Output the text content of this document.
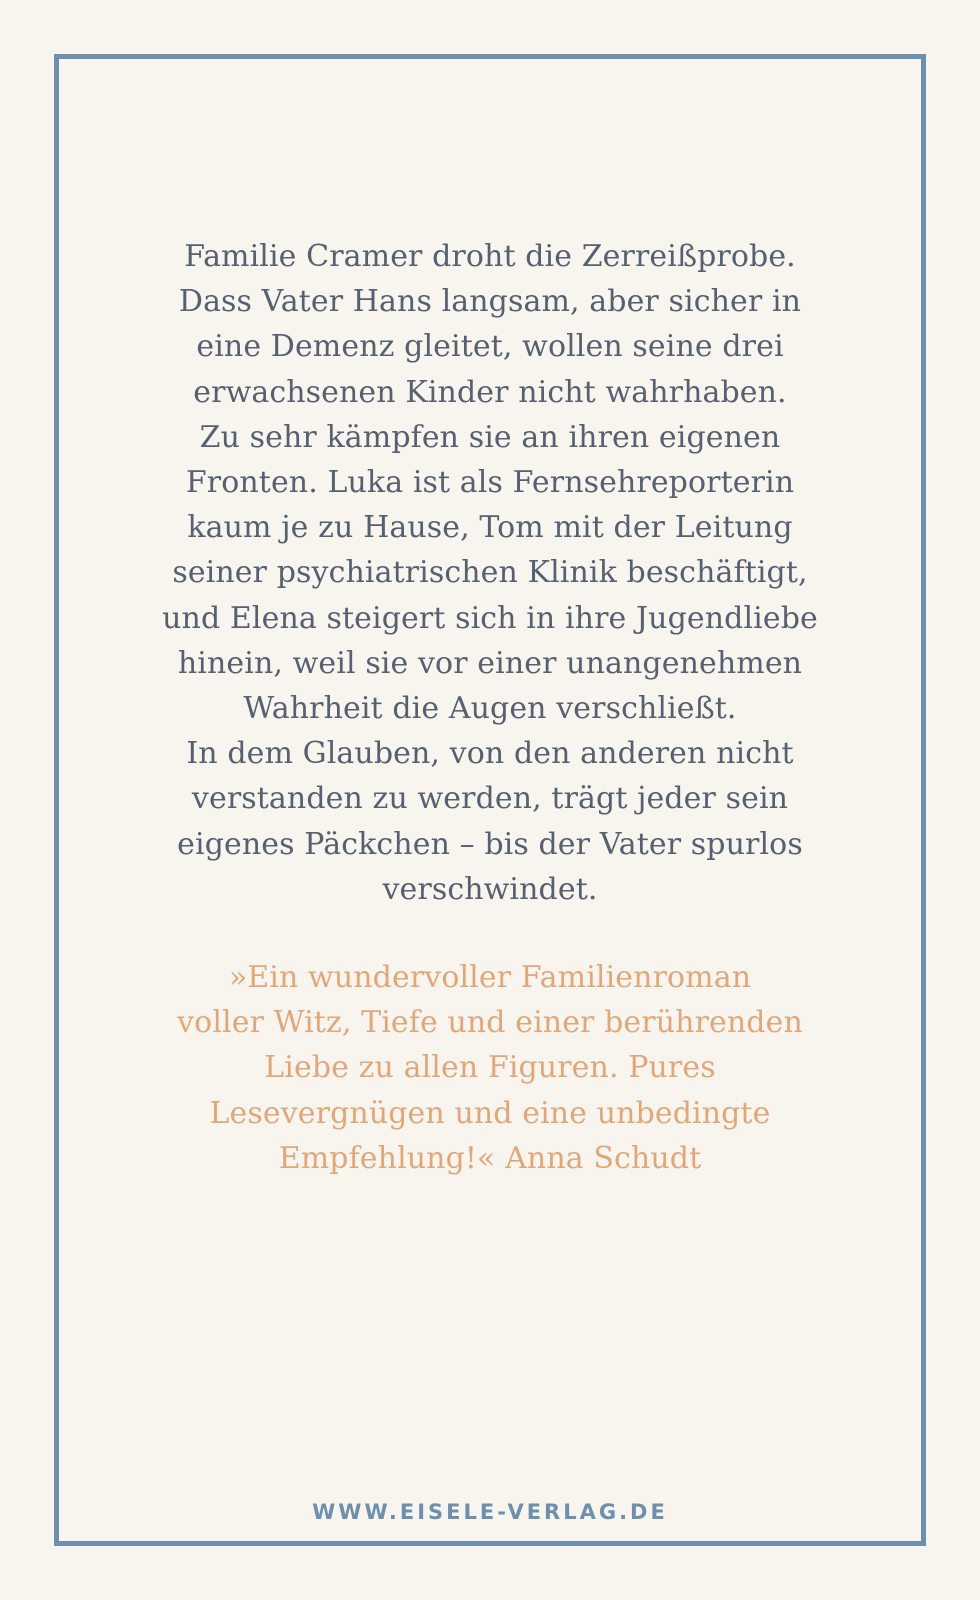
Familie Cramer droht die Zerreißprobe.

Dass Vater Hans langsam, aber sicher in

eine Demenz gleitet, wollen seine drei

erwachsenen Kinder nicht wahrhaben.

Zu sehr kämpfen sie an ihren eigenen

Fronten. Luka ist als Fernsehreporterin

kaum je zu Hause, Tom mit der Leitung

seiner psychiatrischen Klinik beschäftigt,

und Elena steigert sich in ihre Jugendliebe

hinein, weil sie vor einer unangenehmen

Wahrheit die Augen verschließt.

In dem Glauben, von den anderen nicht

verstanden zu werden, trägt jeder sein

eigenes Päckchen – bis der Vater spurlos

verschwindet.

»Ein wundervoller Familienroman

voller Witz, Tiefe und einer berührenden

Liebe zu allen Figuren. Pures

Lesevergnügen und eine unbedingte

Empfehlung!« Anna Schudt

WWW.EISELE-VERLAG.DE
